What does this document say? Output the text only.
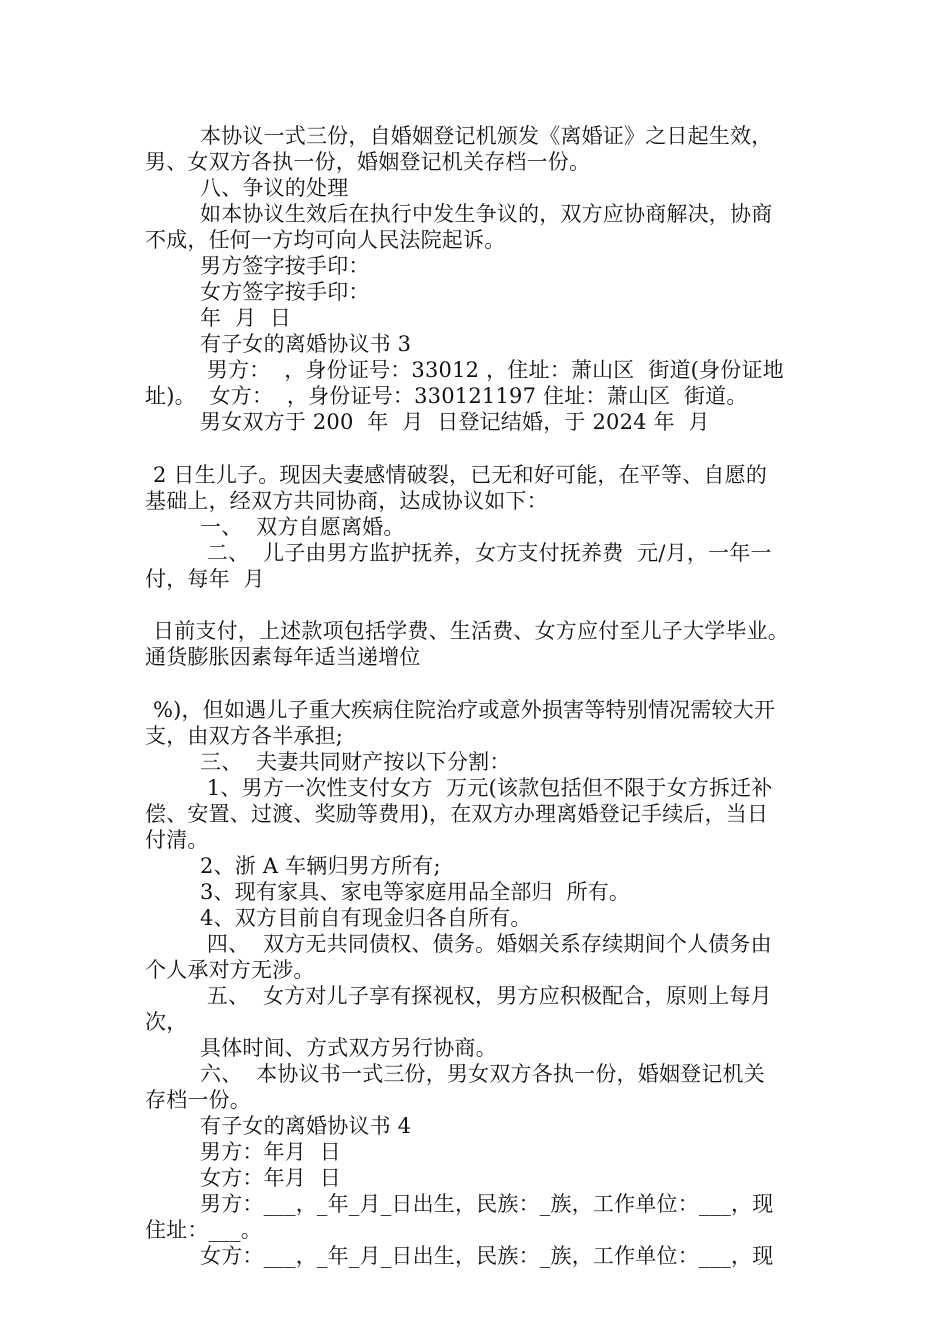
本协议一式三份，自婚姻登记机颁发《离婚证》之日起生效，
男、女双方各执一份，婚姻登记机关存档一份。
八、争议的处理
如本协议生效后在执行中发生争议的，双方应协商解决，协商
不成，任何一方均可向人民法院起诉。
男方签字按手印：
女方签字按手印：
年  月  日
有子女的离婚协议书 3
男方：  ，身份证号：33012 ，住址：萧山区  街道(身份证地
址)。  女方：  ，身份证号：330121197 住址：萧山区  街道。
男女双方于 200  年  月  日登记结婚，于 2024 年  月
2 日生儿子。现因夫妻感情破裂，已无和好可能，在平等、自愿的
基础上，经双方共同协商，达成协议如下：
一、  双方自愿离婚。
二、  儿子由男方监护抚养，女方支付抚养费  元/月，一年一
付，每年  月
日前支付，上述款项包括学费、生活费、女方应付至儿子大学毕业。
通货膨胀因素每年适当递增位
%)，但如遇儿子重大疾病住院治疗或意外损害等特别情况需较大开
支，由双方各半承担;
三、  夫妻共同财产按以下分割：
1、男方一次性支付女方  万元(该款包括但不限于女方拆迁补
偿、安置、过渡、奖励等费用)，在双方办理离婚登记手续后，当日
付清。
2、浙 A 车辆归男方所有;
3、现有家具、家电等家庭用品全部归  所有。
4、双方目前自有现金归各自所有。
四、  双方无共同债权、债务。婚姻关系存续期间个人债务由
个人承对方无涉。
五、  女方对儿子享有探视权，男方应积极配合，原则上每月
次，
具体时间、方式双方另行协商。
六、  本协议书一式三份，男女双方各执一份，婚姻登记机关
存档一份。
有子女的离婚协议书 4
男方：年月  日
女方：年月  日
男方：___，_年_月_日出生，民族：_族，工作单位：___，现
住址：___。
女方：___，_年_月_日出生，民族：_族，工作单位：___，现
